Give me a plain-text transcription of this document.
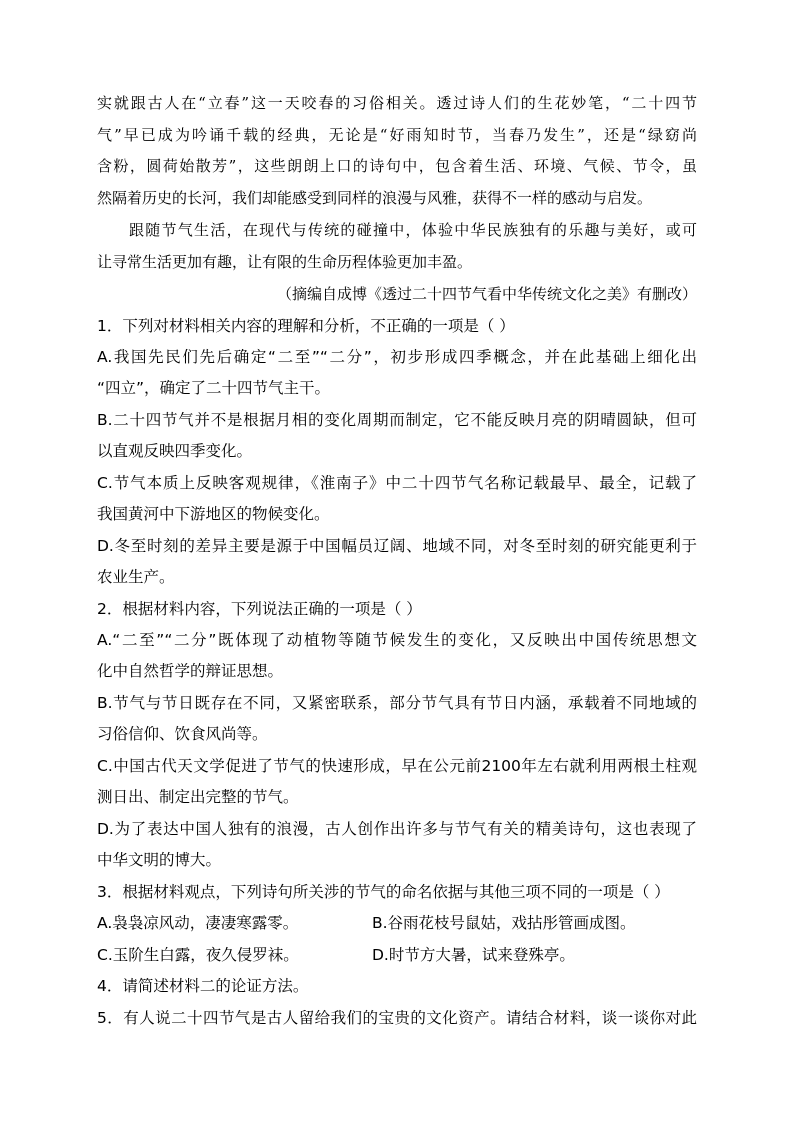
实就跟古人在“立春”这一天咬春的习俗相关。透过诗人们的生花妙笔，“二十四节
气”早已成为吟诵千载的经典，无论是“好雨知时节，当春乃发生”，还是“绿窈尚
含粉，圆荷始散芳”，这些朗朗上口的诗句中，包含着生活、环境、气候、节令，虽
然隔着历史的长河，我们却能感受到同样的浪漫与风雅，获得不一样的感动与启发。
跟随节气生活，在现代与传统的碰撞中，体验中华民族独有的乐趣与美好，或可
让寻常生活更加有趣，让有限的生命历程体验更加丰盈。
（摘编自成博《透过二十四节气看中华传统文化之美》有删改）
1．下列对材料相关内容的理解和分析，不正确的一项是（ ）
A.我国先民们先后确定“二至”“二分”，初步形成四季概念，并在此基础上细化出
“四立”，确定了二十四节气主干。
B.二十四节气并不是根据月相的变化周期而制定，它不能反映月亮的阴晴圆缺，但可
以直观反映四季变化。
C.节气本质上反映客观规律，《淮南子》中二十四节气名称记载最早、最全，记载了
我国黄河中下游地区的物候变化。
D.冬至时刻的差异主要是源于中国幅员辽阔、地域不同，对冬至时刻的研究能更利于
农业生产。
2．根据材料内容，下列说法正确的一项是（ ）
A.“二至”“二分”既体现了动植物等随节候发生的变化，又反映出中国传统思想文
化中自然哲学的辩证思想。
B.节气与节日既存在不同，又紧密联系，部分节气具有节日内涵，承载着不同地域的
习俗信仰、饮食风尚等。
C.中国古代天文学促进了节气的快速形成，早在公元前2100年左右就利用两根土柱观
测日出、制定出完整的节气。
D.为了表达中国人独有的浪漫，古人创作出许多与节气有关的精美诗句，这也表现了
中华文明的博大。
3．根据材料观点，下列诗句所关涉的节气的命名依据与其他三项不同的一项是（ ）
A.袅袅凉风动，凄凄寒露零。	B.谷雨花枝号鼠姑，戏拈彤管画成图。
C.玉阶生白露，夜久侵罗袜。	D.时节方大暑，试来登殊亭。
4．请简述材料二的论证方法。
5．有人说二十四节气是古人留给我们的宝贵的文化资产。请结合材料，谈一谈你对此
